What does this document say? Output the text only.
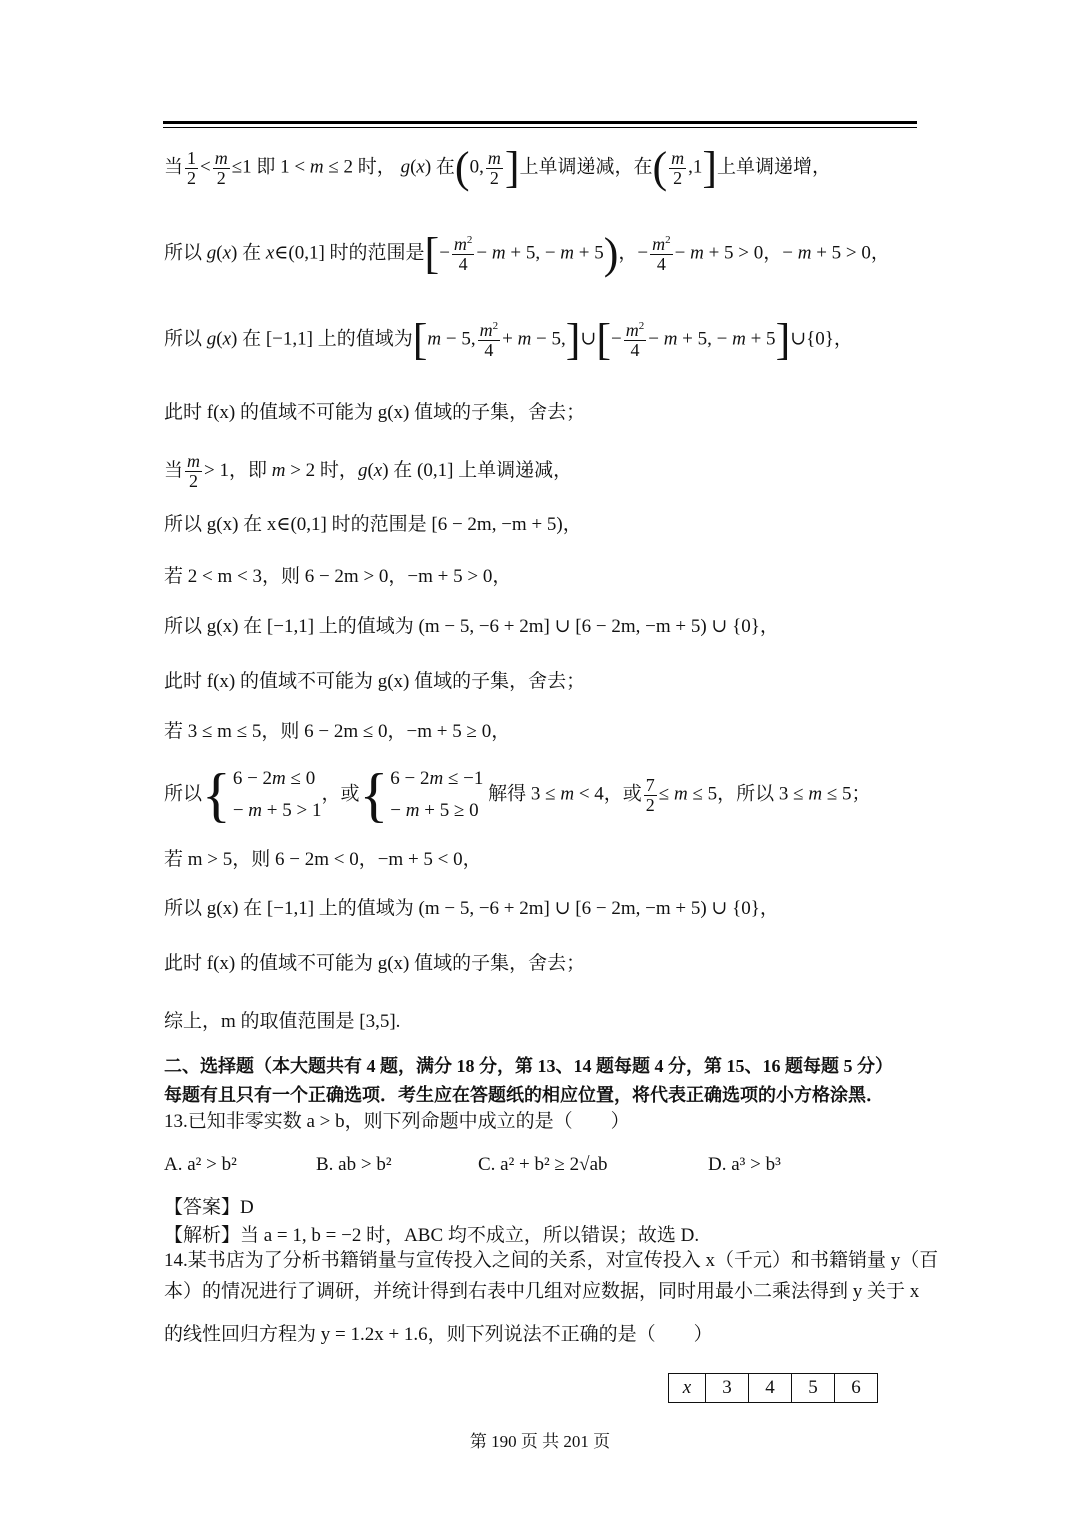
当 $\frac{1}{2} < \frac{m}{2} \le 1$ 即 1 < m ≤ 2 时， g(x) 在(0, $\frac{m}{2}$ ]上单调递减，在( $\frac{m}{2} ,1$]上单调递增，
所以 g(x) 在 x∈(0,1] 时的范围是[− $\frac{m^2}{4} - m + 5$, − m + 5)，− $\frac{m^2}{4} - m + 5 > 0$，− m + 5 > 0，
所以 g(x) 在 [−1,1] 上的值域为[m − 5, $\frac{m^2}{4} + m$ − 5,]∪[− $\frac{m^2}{4} - m + 5$, − m + 5]∪{0}，
此时 f(x) 的值域不可能为 g(x) 值域的子集，舍去；
当 $\frac{m}{2} > 1$，即 m > 2 时，g(x) 在 (0,1] 上单调递减，
所以 g(x) 在 x∈(0,1] 时的范围是 [6 − 2m, −m + 5)，
若 2 < m < 3，则 6 − 2m > 0，−m + 5 > 0，
所以 g(x) 在 [−1,1] 上的值域为 (m − 5, −6 + 2m] ∪ [6 − 2m, −m + 5) ∪ {0}，
此时 f(x) 的值域不可能为 g(x) 值域的子集，舍去；
若 3 ≤ m ≤ 5，则 6 − 2m ≤ 0，−m + 5 ≥ 0，
所以 { 6 − 2m ≤ 0
− m + 5 > 1
，或 { 6 − 2m ≤ −1
− m + 5 ≥ 0
解得 3 ≤ m < 4，或 $\frac{7}{2} \le m \le 5$，所以 3 ≤ m ≤ 5；
若 m > 5，则 6 − 2m < 0，−m + 5 < 0，
所以 g(x) 在 [−1,1] 上的值域为 (m − 5, −6 + 2m] ∪ [6 − 2m, −m + 5) ∪ {0}，
此时 f(x) 的值域不可能为 g(x) 值域的子集，舍去；
综上，m 的取值范围是 [3,5].
二、选择题（本大题共有 4 题，满分 18 分，第 13、14 题每题 4 分，第 15、16 题每题 5 分）
每题有且只有一个正确选项．考生应在答题纸的相应位置，将代表正确选项的小方格涂黑．
13.已知非零实数 a > b，则下列命题中成立的是（　　）
A. a² > b²	B. ab > b²	C. a² + b² ≥ 2√ab	D. a³ > b³
【答案】D
【解析】当 a = 1, b = −2 时，ABC 均不成立，所以错误；故选 D.
14.某书店为了分析书籍销量与宣传投入之间的关系，对宣传投入 x（千元）和书籍销量 y（百
本）的情况进行了调研，并统计得到右表中几组对应数据，同时用最小二乘法得到 y 关于 x
的线性回归方程为 y = 1.2x + 1.6，则下列说法不正确的是（　　）
x	3	4	5	6
第 190 页 共 201 页
